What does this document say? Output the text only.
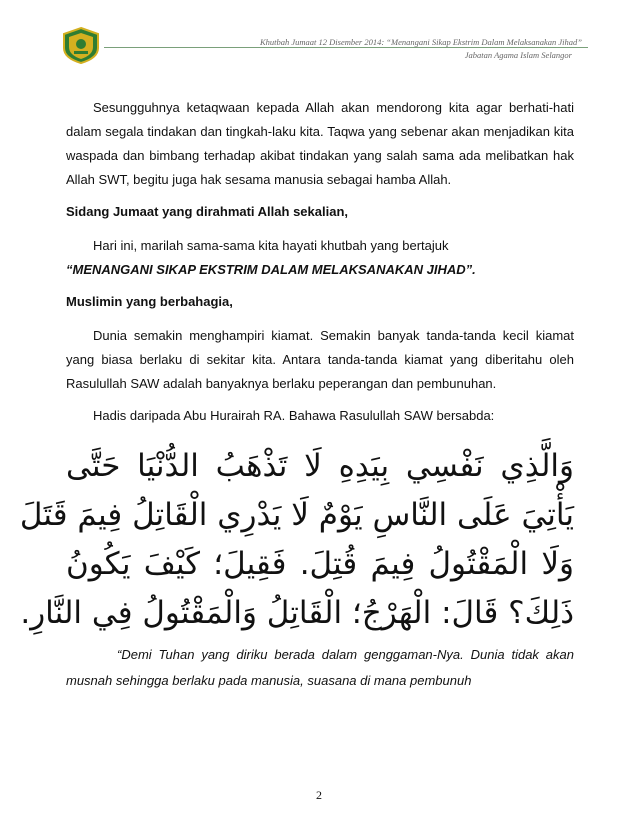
Khutbah Jumaat 12 Disember 2014: “Menangani Sikap Ekstrim Dalam Melaksanakan Jihad”
Jabatan Agama Islam Selangor

Sesungguhnya ketaqwaan kepada Allah akan mendorong kita agar berhati-hati dalam segala tindakan dan tingkah-laku kita. Taqwa yang sebenar akan menjadikan kita waspada dan bimbang terhadap akibat tindakan yang salah sama ada melibatkan hak Allah SWT, begitu juga hak sesama manusia sebagai hamba Allah.

Sidang Jumaat yang dirahmati Allah sekalian,

Hari ini, marilah sama-sama kita hayati khutbah yang bertajuk

“MENANGANI SIKAP EKSTRIM DALAM MELAKSANAKAN JIHAD”.

Muslimin yang berbahagia,

Dunia semakin menghampiri kiamat. Semakin banyak tanda-tanda kecil kiamat yang biasa berlaku di sekitar kita. Antara tanda-tanda kiamat yang diberitahu oleh Rasulullah SAW adalah banyaknya berlaku peperangan dan pembunuhan.

Hadis daripada Abu Hurairah RA. Bahawa Rasulullah SAW bersabda:

وَالَّذِي نَفْسِي بِيَدِهِ لَا تَذْهَبُ الدُّنْيَا حَتَّى
يَأْتِيَ عَلَى النَّاسِ يَوْمٌ لَا يَدْرِي الْقَاتِلُ فِيمَ قَتَلَ
وَلَا الْمَقْتُولُ فِيمَ قُتِلَ. فَقِيلَ؛ كَيْفَ يَكُونُ
ذَلِكَ؟ قَالَ: الْهَرْجُ؛ الْقَاتِلُ وَالْمَقْتُولُ فِي النَّارِ.

“Demi Tuhan yang diriku berada dalam genggaman-Nya. Dunia tidak akan musnah sehingga berlaku pada manusia, suasana di mana pembunuh

2
